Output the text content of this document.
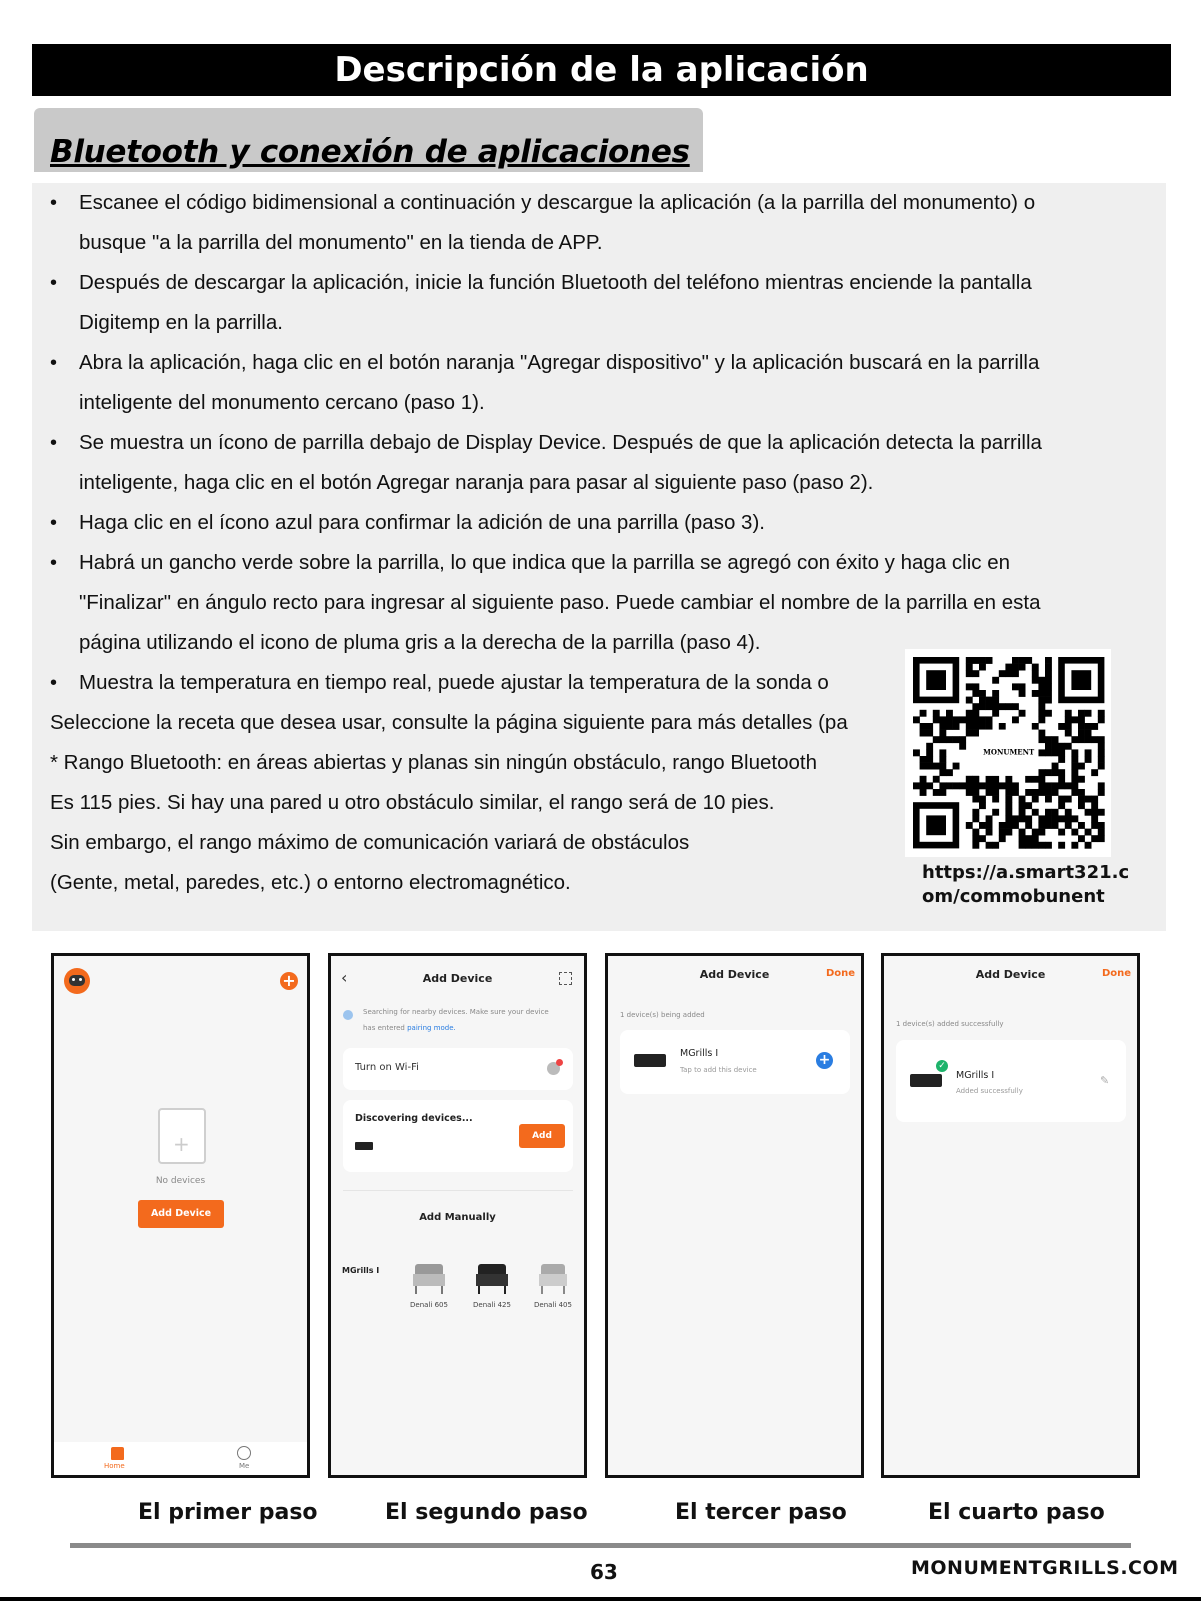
Descripción de la aplicación
Bluetooth y conexión de aplicaciones
•
•
•
•
•
•
•
Escanee el código bidimensional a continuación y descargue la aplicación (a la parrilla del monumento) o
busque "a la parrilla del monumento" en la tienda de APP.
Después de descargar la aplicación, inicie la función Bluetooth del teléfono mientras enciende la pantalla
Digitemp en la parrilla.
Abra la aplicación, haga clic en el botón naranja "Agregar dispositivo" y la aplicación buscará en la parrilla
inteligente del monumento cercano (paso 1).
Se muestra un ícono de parrilla debajo de Display Device. Después de que la aplicación detecta la parrilla
inteligente, haga clic en el botón Agregar naranja para pasar al siguiente paso (paso 2).
Haga clic en el ícono azul para confirmar la adición de una parrilla (paso 3).
Habrá un gancho verde sobre la parrilla, lo que indica que la parrilla se agregó con éxito y haga clic en
"Finalizar" en ángulo recto para ingresar al siguiente paso. Puede cambiar el nombre de la parrilla en esta
página utilizando el icono de pluma gris a la derecha de la parrilla (paso 4).
Muestra la temperatura en tiempo real, puede ajustar la temperatura de la sonda o
Seleccione la receta que desea usar, consulte la página siguiente para más detalles (pa
* Rango Bluetooth: en áreas abiertas y planas sin ningún obstáculo, rango Bluetooth
Es 115 pies. Si hay una pared u otro obstáculo similar, el rango será de 10 pies.
Sin embargo, el rango máximo de comunicación variará de obstáculos
(Gente, metal, paredes, etc.) o entorno electromagnético.
MONUMENT
https://a.smart321.c
om/commobunent
+
+
No devices
Add Device
Home	Me
‹	Add Device
Searching for nearby devices. Make sure your device
has entered pairing mode.
Turn on Wi-Fi
Discovering devices...
Add
Add Manually
MGrills I
Denali 605	Denali 425	Denali 405
Add Device	Done
1 device(s) being added
MGrills I
Tap to add this device
+
Add Device	Done
1 device(s) added successfully
✓
MGrills I
Added successfully
✎
El primer paso	El segundo paso	El tercer paso	El cuarto paso
63	MONUMENTGRILLS.COM
